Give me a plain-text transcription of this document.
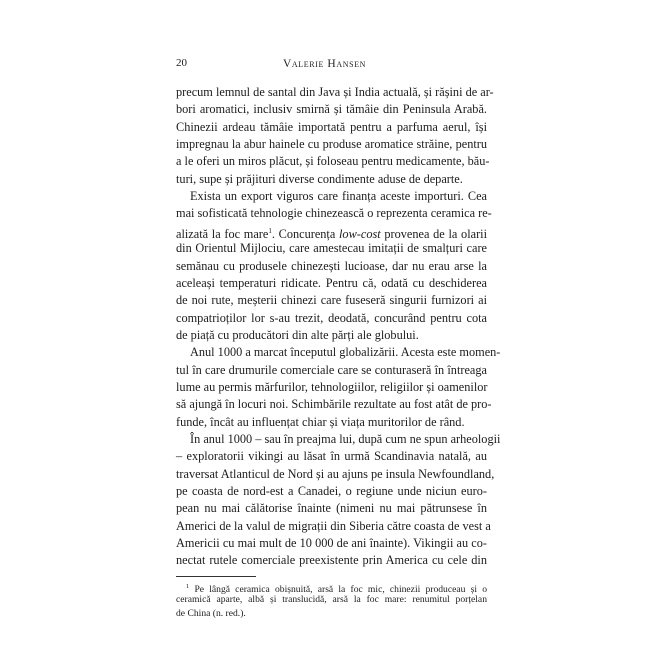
20	Valerie Hansen
precum lemnul de santal din Java și India actuală, și rășini de ar-
bori aromatici, inclusiv smirnă și tămâie din Peninsula Arabă.
Chinezii ardeau tămâie importată pentru a parfuma aerul, își
impregnau la abur hainele cu produse aromatice străine, pentru
a le oferi un miros plăcut, și foloseau pentru medicamente, bău-
turi, supe și prăjituri diverse condimente aduse de departe.
Exista un export viguros care finanța aceste importuri. Cea
mai sofisticată tehnologie chinezească o reprezenta ceramica re-
alizată la foc mare$^1$. Concurența low-cost provenea de la olarii
din Orientul Mijlociu, care amestecau imitații de smalțuri care
semănau cu produsele chinezești lucioase, dar nu erau arse la
aceleași temperaturi ridicate. Pentru că, odată cu deschiderea
de noi rute, meșterii chinezi care fuseseră singurii furnizori ai
compatrioților lor s-au trezit, deodată, concurând pentru cota
de piață cu producători din alte părți ale globului.
Anul 1000 a marcat începutul globalizării. Acesta este momen-
tul în care drumurile comerciale care se conturaseră în întreaga
lume au permis mărfurilor, tehnologiilor, religiilor și oamenilor
să ajungă în locuri noi. Schimbările rezultate au fost atât de pro-
funde, încât au influențat chiar și viața muritorilor de rând.
În anul 1000 – sau în preajma lui, după cum ne spun arheologii
– exploratorii vikingi au lăsat în urmă Scandinavia natală, au
traversat Atlanticul de Nord și au ajuns pe insula Newfoundland,
pe coasta de nord-est a Canadei, o regiune unde niciun euro-
pean nu mai călătorise înainte (nimeni nu mai pătrunsese în
Americi de la valul de migrații din Siberia către coasta de vest a
Americii cu mai mult de 10 000 de ani înainte). Vikingii au co-
nectat rutele comerciale preexistente prin America cu cele din
$^1$ Pe lângă ceramica obișnuită, arsă la foc mic, chinezii produceau și o
ceramică aparte, albă și translucidă, arsă la foc mare: renumitul porțelan
de China (n. red.).
